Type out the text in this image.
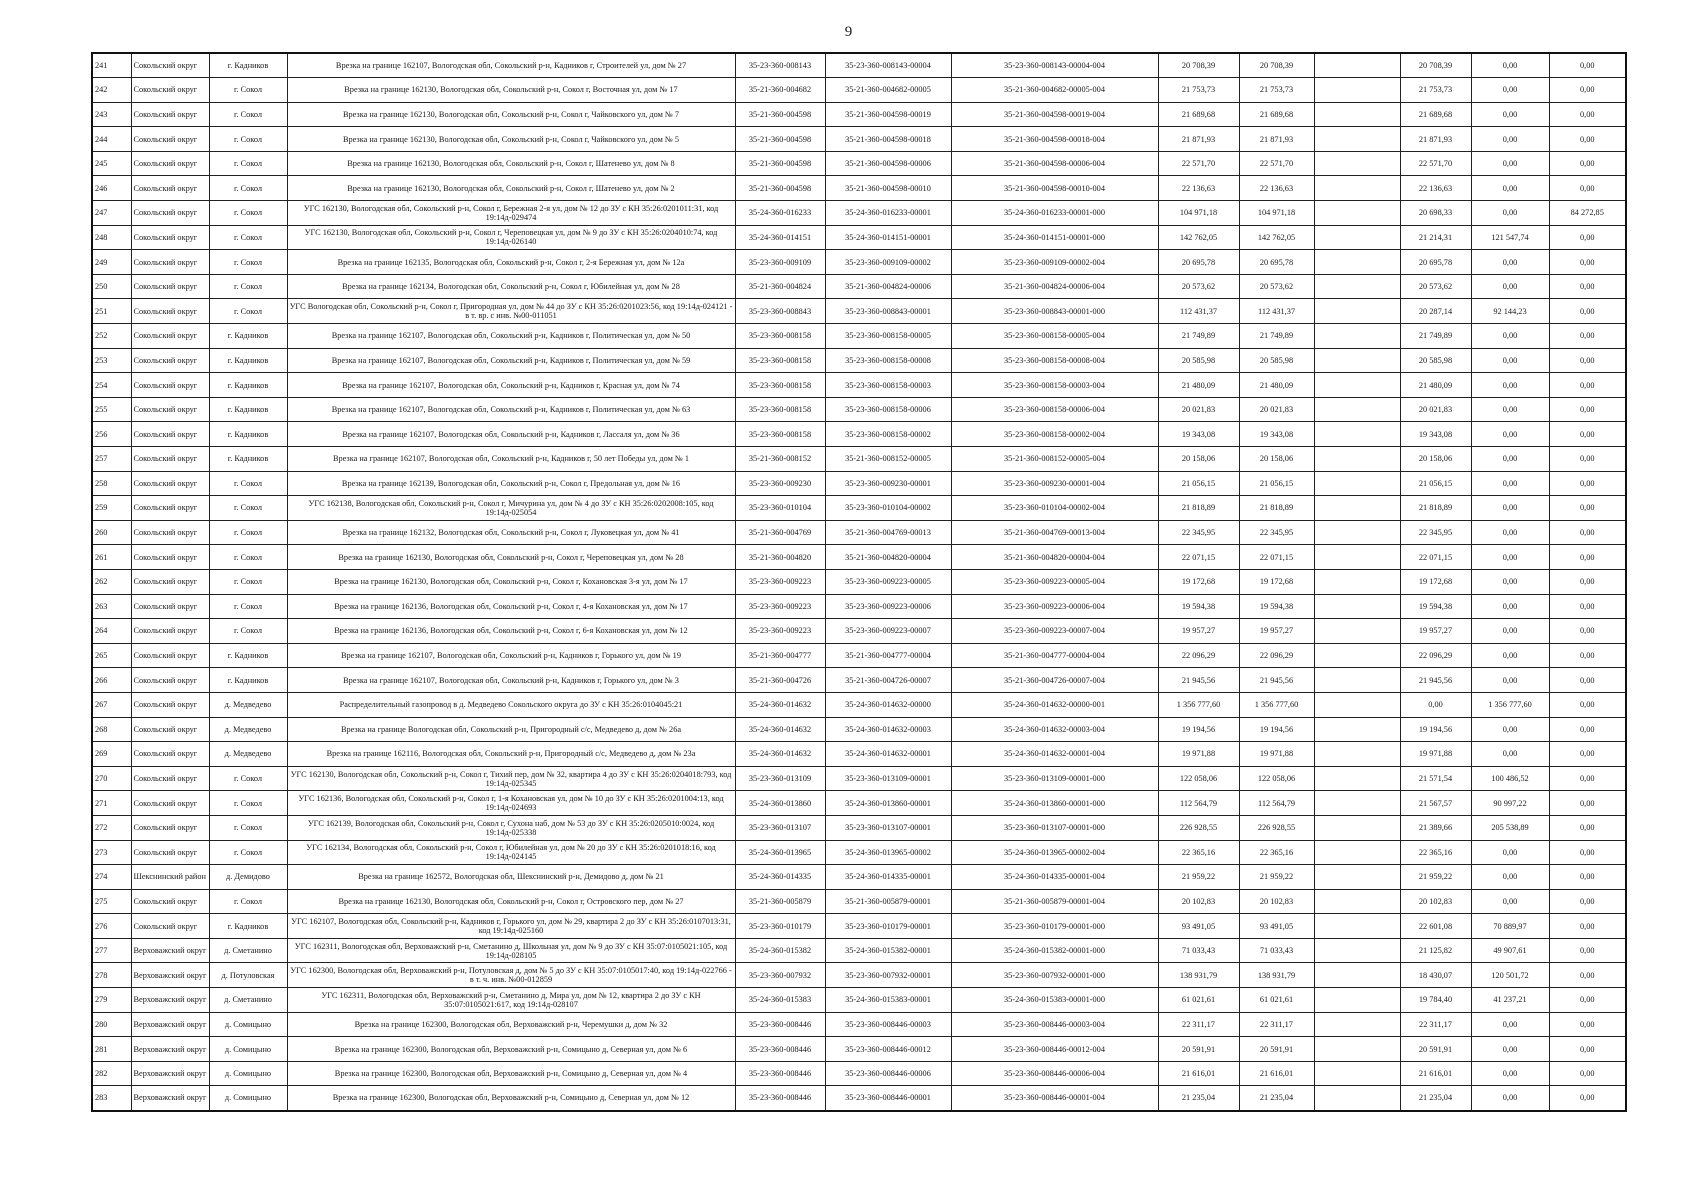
9
241	Сокольский округ	г. Кадников	Врезка на границе 162107, Вологодская обл, Сокольский р-н, Кадников г, Строителей ул, дом № 27	35-23-360-008143	35-23-360-008143-00004	35-23-360-008143-00004-004	20 708,39	20 708,39		20 708,39	0,00	0,00
242	Сокольский округ	г. Сокол	Врезка на границе 162130, Вологодская обл, Сокольский р-н, Сокол г, Восточная ул, дом № 17	35-21-360-004682	35-21-360-004682-00005	35-21-360-004682-00005-004	21 753,73	21 753,73		21 753,73	0,00	0,00
243	Сокольский округ	г. Сокол	Врезка на границе 162130, Вологодская обл, Сокольский р-н, Сокол г, Чайковского ул, дом № 7	35-21-360-004598	35-21-360-004598-00019	35-21-360-004598-00019-004	21 689,68	21 689,68		21 689,68	0,00	0,00
244	Сокольский округ	г. Сокол	Врезка на границе 162130, Вологодская обл, Сокольский р-н, Сокол г, Чайковского ул, дом № 5	35-21-360-004598	35-21-360-004598-00018	35-21-360-004598-00018-004	21 871,93	21 871,93		21 871,93	0,00	0,00
245	Сокольский округ	г. Сокол	Врезка на границе 162130, Вологодская обл, Сокольский р-н, Сокол г, Шатенево ул, дом № 8	35-21-360-004598	35-21-360-004598-00006	35-21-360-004598-00006-004	22 571,70	22 571,70		22 571,70	0,00	0,00
246	Сокольский округ	г. Сокол	Врезка на границе 162130, Вологодская обл, Сокольский р-н, Сокол г, Шатенево ул, дом № 2	35-21-360-004598	35-21-360-004598-00010	35-21-360-004598-00010-004	22 136,63	22 136,63		22 136,63	0,00	0,00
247	Сокольский округ	г. Сокол	УГС 162130, Вологодская обл, Сокольский р-н, Сокол г, Бережная 2-я ул, дом № 12 до ЗУ с КН 35:26:0201011:31, код 19:14д-029474	35-24-360-016233	35-24-360-016233-00001	35-24-360-016233-00001-000	104 971,18	104 971,18		20 698,33	0,00	84 272,85
248	Сокольский округ	г. Сокол	УГС 162130, Вологодская обл, Сокольский р-н, Сокол г, Череповецкая ул, дом № 9 до ЗУ с КН 35:26:0204010:74, код 19:14д-026140	35-24-360-014151	35-24-360-014151-00001	35-24-360-014151-00001-000	142 762,05	142 762,05		21 214,31	121 547,74	0,00
249	Сокольский округ	г. Сокол	Врезка на границе 162135, Вологодская обл, Сокольский р-н, Сокол г, 2-я Бережная ул, дом № 12а	35-23-360-009109	35-23-360-009109-00002	35-23-360-009109-00002-004	20 695,78	20 695,78		20 695,78	0,00	0,00
250	Сокольский округ	г. Сокол	Врезка на границе 162134, Вологодская обл, Сокольский р-н, Сокол г, Юбилейная ул, дом № 28	35-21-360-004824	35-21-360-004824-00006	35-21-360-004824-00006-004	20 573,62	20 573,62		20 573,62	0,00	0,00
251	Сокольский округ	г. Сокол	УГС Вологодская обл, Сокольский р-н, Сокол г, Пригородная ул, дом № 44 до ЗУ с КН 35:26:0201023:56, код 19:14д-024121 - в т. вр. с инв. №00-011051	35-23-360-008843	35-23-360-008843-00001	35-23-360-008843-00001-000	112 431,37	112 431,37		20 287,14	92 144,23	0,00
252	Сокольский округ	г. Кадников	Врезка на границе 162107, Вологодская обл, Сокольский р-н, Кадников г, Политическая ул, дом № 50	35-23-360-008158	35-23-360-008158-00005	35-23-360-008158-00005-004	21 749,89	21 749,89		21 749,89	0,00	0,00
253	Сокольский округ	г. Кадников	Врезка на границе 162107, Вологодская обл, Сокольский р-н, Кадников г, Политическая ул, дом № 59	35-23-360-008158	35-23-360-008158-00008	35-23-360-008158-00008-004	20 585,98	20 585,98		20 585,98	0,00	0,00
254	Сокольский округ	г. Кадников	Врезка на границе 162107, Вологодская обл, Сокольский р-н, Кадников г, Красная ул, дом № 74	35-23-360-008158	35-23-360-008158-00003	35-23-360-008158-00003-004	21 480,09	21 480,09		21 480,09	0,00	0,00
255	Сокольский округ	г. Кадников	Врезка на границе 162107, Вологодская обл, Сокольский р-н, Кадников г, Политическая ул, дом № 63	35-23-360-008158	35-23-360-008158-00006	35-23-360-008158-00006-004	20 021,83	20 021,83		20 021,83	0,00	0,00
256	Сокольский округ	г. Кадников	Врезка на границе 162107, Вологодская обл, Сокольский р-н, Кадников г, Лассаля ул, дом № 36	35-23-360-008158	35-23-360-008158-00002	35-23-360-008158-00002-004	19 343,08	19 343,08		19 343,08	0,00	0,00
257	Сокольский округ	г. Кадников	Врезка на границе 162107, Вологодская обл, Сокольский р-н, Кадников г, 50 лет Победы ул, дом № 1	35-21-360-008152	35-21-360-008152-00005	35-21-360-008152-00005-004	20 158,06	20 158,06		20 158,06	0,00	0,00
258	Сокольский округ	г. Сокол	Врезка на границе 162139, Вологодская обл, Сокольский р-н, Сокол г, Предольная ул, дом № 16	35-23-360-009230	35-23-360-009230-00001	35-23-360-009230-00001-004	21 056,15	21 056,15		21 056,15	0,00	0,00
259	Сокольский округ	г. Сокол	УГС 162138, Вологодская обл, Сокольский р-н, Сокол г, Мичурина ул, дом № 4 до ЗУ с КН 35:26:0202008:105, код 19:14д-025054	35-23-360-010104	35-23-360-010104-00002	35-23-360-010104-00002-004	21 818,89	21 818,89		21 818,89	0,00	0,00
260	Сокольский округ	г. Сокол	Врезка на границе 162132, Вологодская обл, Сокольский р-н, Сокол г, Луковецкая ул, дом № 41	35-21-360-004769	35-21-360-004769-00013	35-21-360-004769-00013-004	22 345,95	22 345,95		22 345,95	0,00	0,00
261	Сокольский округ	г. Сокол	Врезка на границе 162130, Вологодская обл, Сокольский р-н, Сокол г, Череповецкая ул, дом № 28	35-21-360-004820	35-21-360-004820-00004	35-21-360-004820-00004-004	22 071,15	22 071,15		22 071,15	0,00	0,00
262	Сокольский округ	г. Сокол	Врезка на границе 162130, Вологодская обл, Сокольский р-н, Сокол г, Кохановская 3-я ул, дом № 17	35-23-360-009223	35-23-360-009223-00005	35-23-360-009223-00005-004	19 172,68	19 172,68		19 172,68	0,00	0,00
263	Сокольский округ	г. Сокол	Врезка на границе 162136, Вологодская обл, Сокольский р-н, Сокол г, 4-я Кохановская ул, дом № 17	35-23-360-009223	35-23-360-009223-00006	35-23-360-009223-00006-004	19 594,38	19 594,38		19 594,38	0,00	0,00
264	Сокольский округ	г. Сокол	Врезка на границе 162136, Вологодская обл, Сокольский р-н, Сокол г, 6-я Кохановская ул, дом № 12	35-23-360-009223	35-23-360-009223-00007	35-23-360-009223-00007-004	19 957,27	19 957,27		19 957,27	0,00	0,00
265	Сокольский округ	г. Кадников	Врезка на границе 162107, Вологодская обл, Сокольский р-н, Кадников г, Горького ул, дом № 19	35-21-360-004777	35-21-360-004777-00004	35-21-360-004777-00004-004	22 096,29	22 096,29		22 096,29	0,00	0,00
266	Сокольский округ	г. Кадников	Врезка на границе 162107, Вологодская обл, Сокольский р-н, Кадников г, Горького ул, дом № 3	35-21-360-004726	35-21-360-004726-00007	35-21-360-004726-00007-004	21 945,56	21 945,56		21 945,56	0,00	0,00
267	Сокольский округ	д. Медведево	Распределительный газопровод в д. Медведево Сокольского округа до ЗУ с КН 35:26:0104045:21	35-24-360-014632	35-24-360-014632-00000	35-24-360-014632-00000-001	1 356 777,60	1 356 777,60		0,00	1 356 777,60	0,00
268	Сокольский округ	д. Медведево	Врезка на границе Вологодская обл, Сокольский р-н, Пригородный с/с, Медведево д, дом № 26а	35-24-360-014632	35-24-360-014632-00003	35-24-360-014632-00003-004	19 194,56	19 194,56		19 194,56	0,00	0,00
269	Сокольский округ	д. Медведево	Врезка на границе 162116, Вологодская обл, Сокольский р-н, Пригородный с/с, Медведево д, дом № 23а	35-24-360-014632	35-24-360-014632-00001	35-24-360-014632-00001-004	19 971,88	19 971,88		19 971,88	0,00	0,00
270	Сокольский округ	г. Сокол	УГС 162130, Вологодская обл, Сокольский р-н, Сокол г, Тихий пер, дом № 32, квартира 4 до ЗУ с КН 35:26:0204018:793, код 19:14д-025345	35-23-360-013109	35-23-360-013109-00001	35-23-360-013109-00001-000	122 058,06	122 058,06		21 571,54	100 486,52	0,00
271	Сокольский округ	г. Сокол	УГС 162136, Вологодская обл, Сокольский р-н, Сокол г, 1-я Кохановская ул, дом № 10 до ЗУ с КН 35:26:0201004:13, код 19:14д-024693	35-24-360-013860	35-24-360-013860-00001	35-24-360-013860-00001-000	112 564,79	112 564,79		21 567,57	90 997,22	0,00
272	Сокольский округ	г. Сокол	УГС 162139, Вологодская обл, Сокольский р-н, Сокол г, Сухона наб, дом № 53 до ЗУ с КН 35:26:0205010:0024, код 19:14д-025338	35-23-360-013107	35-23-360-013107-00001	35-23-360-013107-00001-000	226 928,55	226 928,55		21 389,66	205 538,89	0,00
273	Сокольский округ	г. Сокол	УГС 162134, Вологодская обл, Сокольский р-н, Сокол г, Юбилейная ул, дом № 20 до ЗУ с КН 35:26:0201018:16, код 19:14д-024145	35-24-360-013965	35-24-360-013965-00002	35-24-360-013965-00002-004	22 365,16	22 365,16		22 365,16	0,00	0,00
274	Шекснинский район	д. Демидово	Врезка на границе 162572, Вологодская обл, Шекснинский р-н, Демидово д, дом № 21	35-24-360-014335	35-24-360-014335-00001	35-24-360-014335-00001-004	21 959,22	21 959,22		21 959,22	0,00	0,00
275	Сокольский округ	г. Сокол	Врезка на границе 162130, Вологодская обл, Сокольский р-н, Сокол г, Островского пер, дом № 27	35-21-360-005879	35-21-360-005879-00001	35-21-360-005879-00001-004	20 102,83	20 102,83		20 102,83	0,00	0,00
276	Сокольский округ	г. Кадников	УГС 162107, Вологодская обл, Сокольский р-н, Кадников г, Горького ул, дом № 29, квартира 2 до ЗУ с КН 35:26:0107013:31, код 19:14д-025160	35-23-360-010179	35-23-360-010179-00001	35-23-360-010179-00001-000	93 491,05	93 491,05		22 601,08	70 889,97	0,00
277	Верховажский округ	д. Сметанино	УГС 162311, Вологодская обл, Верховажский р-н, Сметанино д, Школьная ул, дом № 9 до ЗУ с КН 35:07:0105021:105, код 19:14д-028105	35-24-360-015382	35-24-360-015382-00001	35-24-360-015382-00001-000	71 033,43	71 033,43		21 125,82	49 907,61	0,00
278	Верховажский округ	д. Потуловская	УГС 162300, Вологодская обл, Верховажский р-н, Потуловская д, дом № 5 до ЗУ с КН 35:07:0105017:40, код 19:14д-022766 - в т. ч. инв. №00-012859	35-23-360-007932	35-23-360-007932-00001	35-23-360-007932-00001-000	138 931,79	138 931,79		18 430,07	120 501,72	0,00
279	Верховажский округ	д. Сметанино	УГС 162311, Вологодская обл, Верховажский р-н, Сметанино д, Мира ул, дом № 12, квартира 2 до ЗУ с КН 35:07:0105021:617, код 19:14д-028107	35-24-360-015383	35-24-360-015383-00001	35-24-360-015383-00001-000	61 021,61	61 021,61		19 784,40	41 237,21	0,00
280	Верховажский округ	д. Сомицыно	Врезка на границе 162300, Вологодская обл, Верховажский р-н, Черемушки д, дом № 32	35-23-360-008446	35-23-360-008446-00003	35-23-360-008446-00003-004	22 311,17	22 311,17		22 311,17	0,00	0,00
281	Верховажский округ	д. Сомицыно	Врезка на границе 162300, Вологодская обл, Верховажский р-н, Сомицыно д, Северная ул, дом № 6	35-23-360-008446	35-23-360-008446-00012	35-23-360-008446-00012-004	20 591,91	20 591,91		20 591,91	0,00	0,00
282	Верховажский округ	д. Сомицыно	Врезка на границе 162300, Вологодская обл, Верховажский р-н, Сомицыно д, Северная ул, дом № 4	35-23-360-008446	35-23-360-008446-00006	35-23-360-008446-00006-004	21 616,01	21 616,01		21 616,01	0,00	0,00
283	Верховажский округ	д. Сомицыно	Врезка на границе 162300, Вологодская обл, Верховажский р-н, Сомицыно д, Северная ул, дом № 12	35-23-360-008446	35-23-360-008446-00001	35-23-360-008446-00001-004	21 235,04	21 235,04		21 235,04	0,00	0,00
